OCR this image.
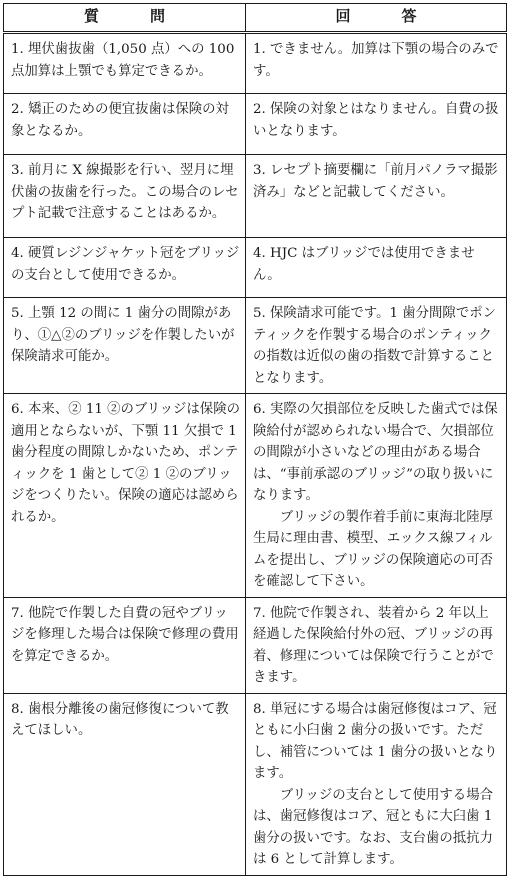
質　問	回　答
1. 埋伏歯抜歯（1,050 点）への 100 点加算は上顎でも算定できるか。	1. できません。加算は下顎の場合のみです。
2. 矯正のための便宜抜歯は保険の対象となるか。	2. 保険の対象とはなりません。自費の扱いとなります。
3. 前月に X 線撮影を行い、翌月に埋伏歯の抜歯を行った。この場合のレセプト記載で注意することはあるか。	3. レセプト摘要欄に「前月パノラマ撮影済み」などと記載してください。
4. 硬質レジンジャケット冠をブリッジの支台として使用できるか。	4. HJC はブリッジでは使用できません。
5. 上顎 12 の間に 1 歯分の間隙があり、①△②のブリッジを作製したいが保険請求可能か。	5. 保険請求可能です。1 歯分間隙でポンティックを作製する場合のポンティックの指数は近似の歯の指数で計算することとなります。
6. 本来、② 11 ②のブリッジは保険の適用とならないが、下顎 11 欠損で 1 歯分程度の間隙しかないため、ポンティックを 1 歯として② 1 ②のブリッジをつくりたい。保険の適応は認められるか。	6. 実際の欠損部位を反映した歯式では保険給付が認められない場合で、欠損部位の間隙が小さいなどの理由がある場合は、“事前承認のブリッジ”の取り扱いになります。
ブリッジの製作着手前に東海北陸厚生局に理由書、模型、エックス線フィルムを提出し、ブリッジの保険適応の可否を確認して下さい。

7. 他院で作製した自費の冠やブリッジを修理した場合は保険で修理の費用を算定できるか。	7. 他院で作製され、装着から 2 年以上経過した保険給付外の冠、ブリッジの再着、修理については保険で行うことができます。
8. 歯根分離後の歯冠修復について教えてほしい。	8. 単冠にする場合は歯冠修復はコア、冠ともに小臼歯 2 歯分の扱いです。ただし、補管については 1 歯分の扱いとなります。
ブリッジの支台として使用する場合は、歯冠修復はコア、冠ともに大臼歯 1 歯分の扱いです。なお、支台歯の抵抗力は 6 として計算します。
